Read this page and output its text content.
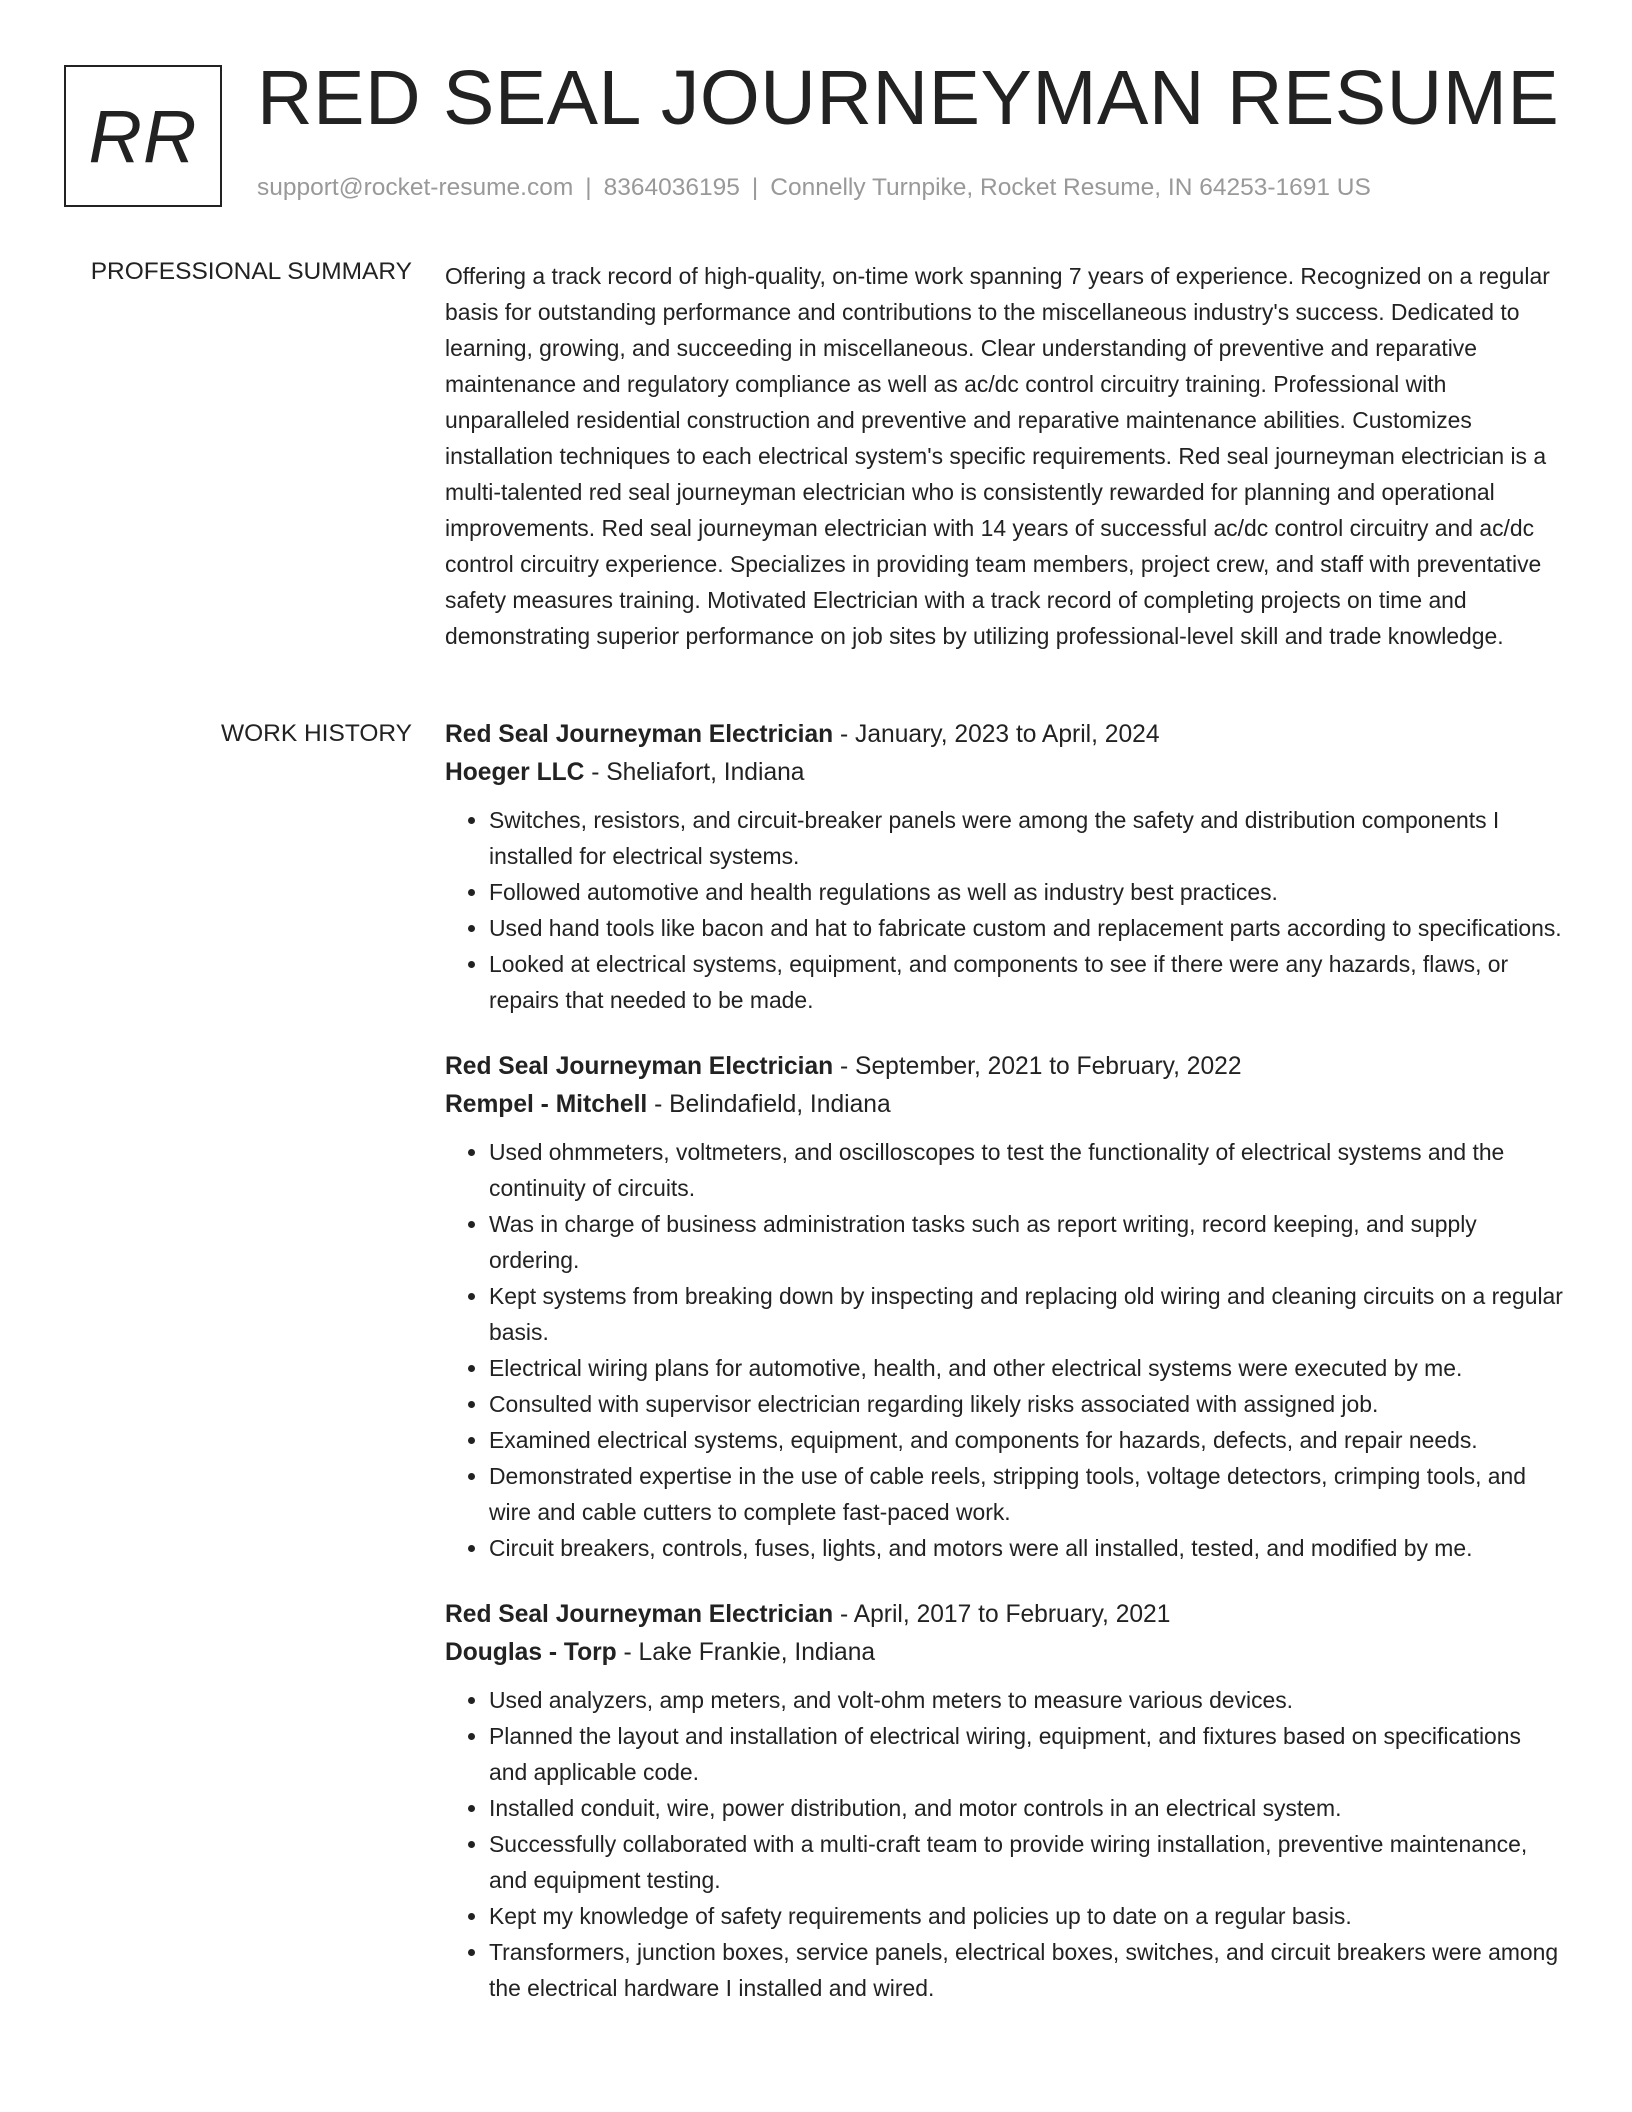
RR RED SEAL JOURNEYMAN RESUME
support@rocket-resume.com | 8364036195 | Connelly Turnpike, Rocket Resume, IN 64253-1691 US
PROFESSIONAL SUMMARY Offering a track record of high-quality, on-time work spanning 7 years of experience. Recognized on a regular basis for outstanding performance and contributions to the miscellaneous industry's success. Dedicated to learning, growing, and succeeding in miscellaneous. Clear understanding of preventive and reparative maintenance and regulatory compliance as well as ac/dc control circuitry training. Professional with unparalleled residential construction and preventive and reparative maintenance abilities. Customizes installation techniques to each electrical system's specific requirements. Red seal journeyman electrician is a multi-talented red seal journeyman electrician who is consistently rewarded for planning and operational improvements. Red seal journeyman electrician with 14 years of successful ac/dc control circuitry and ac/dc control circuitry experience. Specializes in providing team members, project crew, and staff with preventative safety measures training. Motivated Electrician with a track record of completing projects on time and demonstrating superior performance on job sites by utilizing professional-level skill and trade knowledge.

WORK HISTORY Red Seal Journeyman Electrician - January, 2023 to April, 2024
Hoeger LLC - Sheliafort, Indiana
• Switches, resistors, and circuit-breaker panels were among the safety and distribution components I installed for electrical systems.
• Followed automotive and health regulations as well as industry best practices.
• Used hand tools like bacon and hat to fabricate custom and replacement parts according to specifications.
• Looked at electrical systems, equipment, and components to see if there were any hazards, flaws, or repairs that needed to be made.
Red Seal Journeyman Electrician - September, 2021 to February, 2022
Rempel - Mitchell - Belindafield, Indiana
• Used ohmmeters, voltmeters, and oscilloscopes to test the functionality of electrical systems and the continuity of circuits.
• Was in charge of business administration tasks such as report writing, record keeping, and supply ordering.
• Kept systems from breaking down by inspecting and replacing old wiring and cleaning circuits on a regular basis.
• Electrical wiring plans for automotive, health, and other electrical systems were executed by me.
• Consulted with supervisor electrician regarding likely risks associated with assigned job.
• Examined electrical systems, equipment, and components for hazards, defects, and repair needs.
• Demonstrated expertise in the use of cable reels, stripping tools, voltage detectors, crimping tools, and wire and cable cutters to complete fast-paced work.
• Circuit breakers, controls, fuses, lights, and motors were all installed, tested, and modified by me.
Red Seal Journeyman Electrician - April, 2017 to February, 2021
Douglas - Torp - Lake Frankie, Indiana
• Used analyzers, amp meters, and volt-ohm meters to measure various devices.
• Planned the layout and installation of electrical wiring, equipment, and fixtures based on specifications and applicable code.
• Installed conduit, wire, power distribution, and motor controls in an electrical system.
• Successfully collaborated with a multi-craft team to provide wiring installation, preventive maintenance, and equipment testing.
• Kept my knowledge of safety requirements and policies up to date on a regular basis.
• Transformers, junction boxes, service panels, electrical boxes, switches, and circuit breakers were among the electrical hardware I installed and wired.
